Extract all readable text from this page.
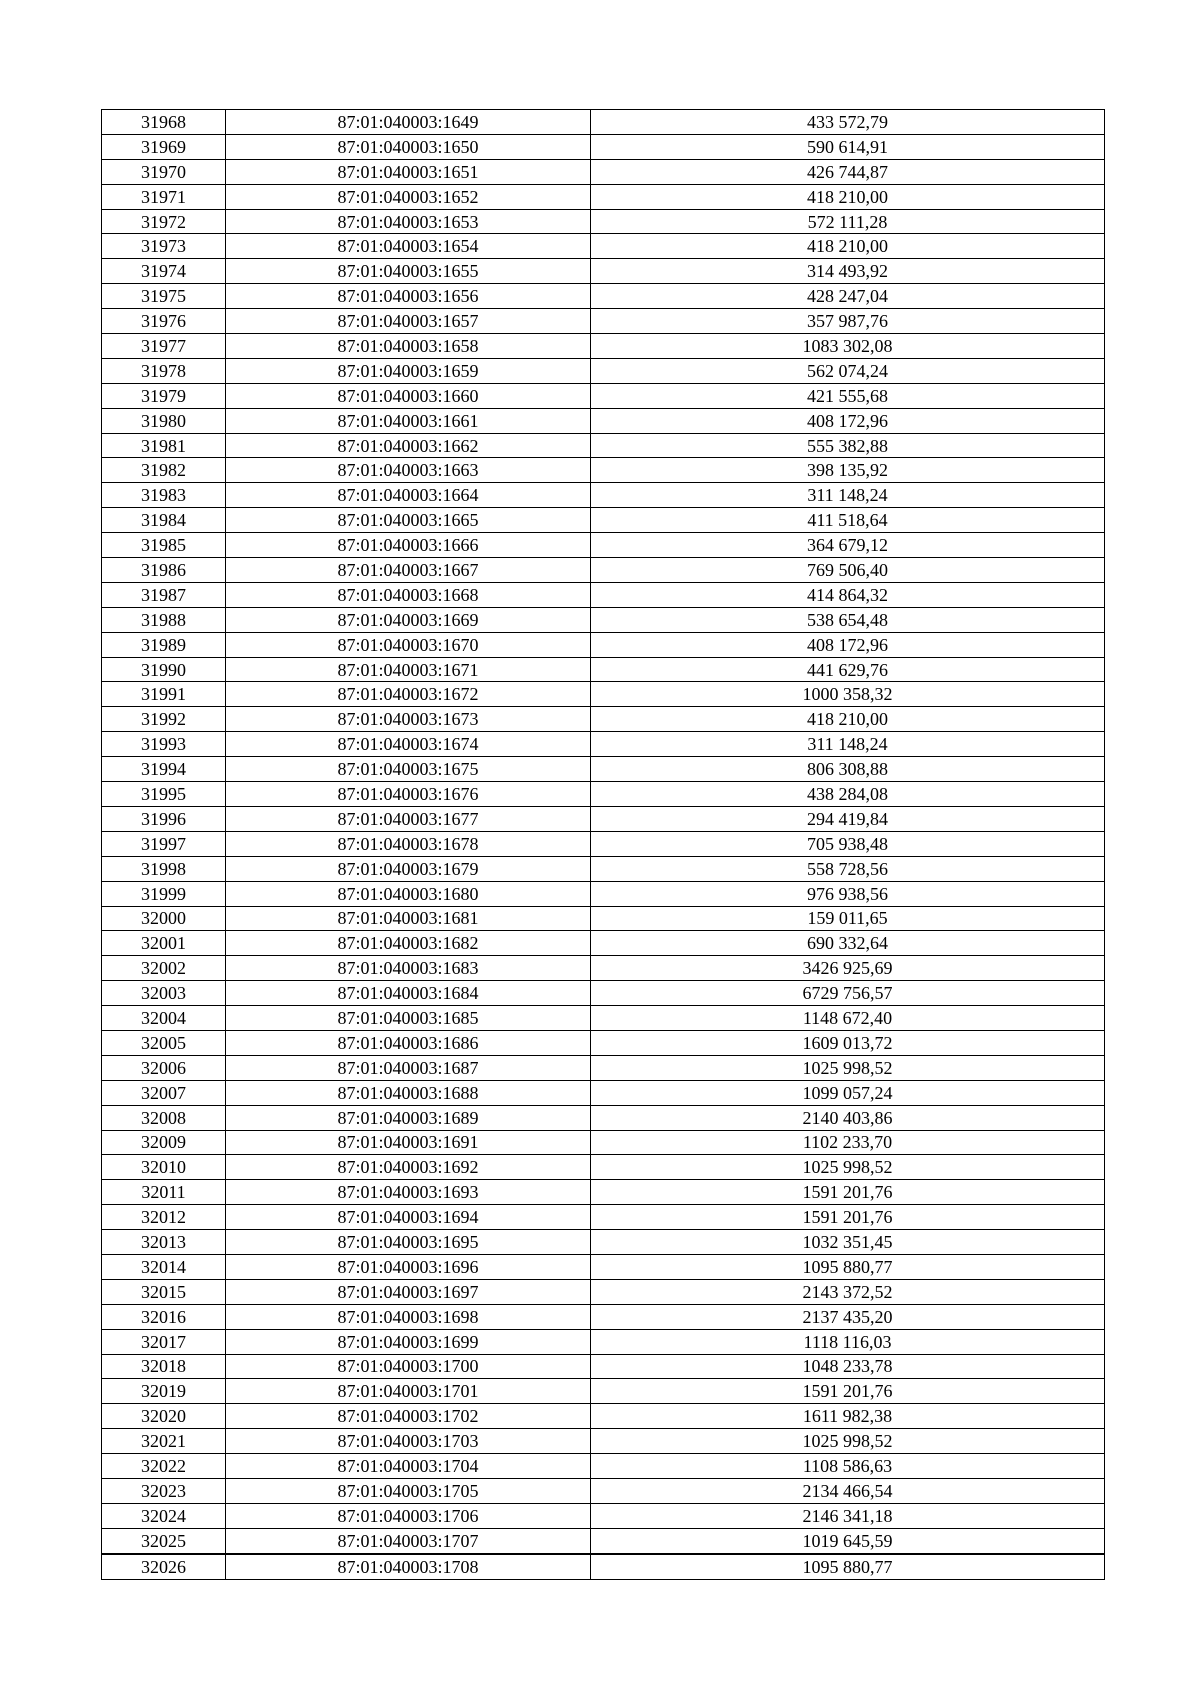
31968	87:01:040003:1649	433 572,79
31969	87:01:040003:1650	590 614,91
31970	87:01:040003:1651	426 744,87
31971	87:01:040003:1652	418 210,00
31972	87:01:040003:1653	572 111,28
31973	87:01:040003:1654	418 210,00
31974	87:01:040003:1655	314 493,92
31975	87:01:040003:1656	428 247,04
31976	87:01:040003:1657	357 987,76
31977	87:01:040003:1658	1083 302,08
31978	87:01:040003:1659	562 074,24
31979	87:01:040003:1660	421 555,68
31980	87:01:040003:1661	408 172,96
31981	87:01:040003:1662	555 382,88
31982	87:01:040003:1663	398 135,92
31983	87:01:040003:1664	311 148,24
31984	87:01:040003:1665	411 518,64
31985	87:01:040003:1666	364 679,12
31986	87:01:040003:1667	769 506,40
31987	87:01:040003:1668	414 864,32
31988	87:01:040003:1669	538 654,48
31989	87:01:040003:1670	408 172,96
31990	87:01:040003:1671	441 629,76
31991	87:01:040003:1672	1000 358,32
31992	87:01:040003:1673	418 210,00
31993	87:01:040003:1674	311 148,24
31994	87:01:040003:1675	806 308,88
31995	87:01:040003:1676	438 284,08
31996	87:01:040003:1677	294 419,84
31997	87:01:040003:1678	705 938,48
31998	87:01:040003:1679	558 728,56
31999	87:01:040003:1680	976 938,56
32000	87:01:040003:1681	159 011,65
32001	87:01:040003:1682	690 332,64
32002	87:01:040003:1683	3426 925,69
32003	87:01:040003:1684	6729 756,57
32004	87:01:040003:1685	1148 672,40
32005	87:01:040003:1686	1609 013,72
32006	87:01:040003:1687	1025 998,52
32007	87:01:040003:1688	1099 057,24
32008	87:01:040003:1689	2140 403,86
32009	87:01:040003:1691	1102 233,70
32010	87:01:040003:1692	1025 998,52
32011	87:01:040003:1693	1591 201,76
32012	87:01:040003:1694	1591 201,76
32013	87:01:040003:1695	1032 351,45
32014	87:01:040003:1696	1095 880,77
32015	87:01:040003:1697	2143 372,52
32016	87:01:040003:1698	2137 435,20
32017	87:01:040003:1699	1118 116,03
32018	87:01:040003:1700	1048 233,78
32019	87:01:040003:1701	1591 201,76
32020	87:01:040003:1702	1611 982,38
32021	87:01:040003:1703	1025 998,52
32022	87:01:040003:1704	1108 586,63
32023	87:01:040003:1705	2134 466,54
32024	87:01:040003:1706	2146 341,18
32025	87:01:040003:1707	1019 645,59
32026	87:01:040003:1708	1095 880,77
